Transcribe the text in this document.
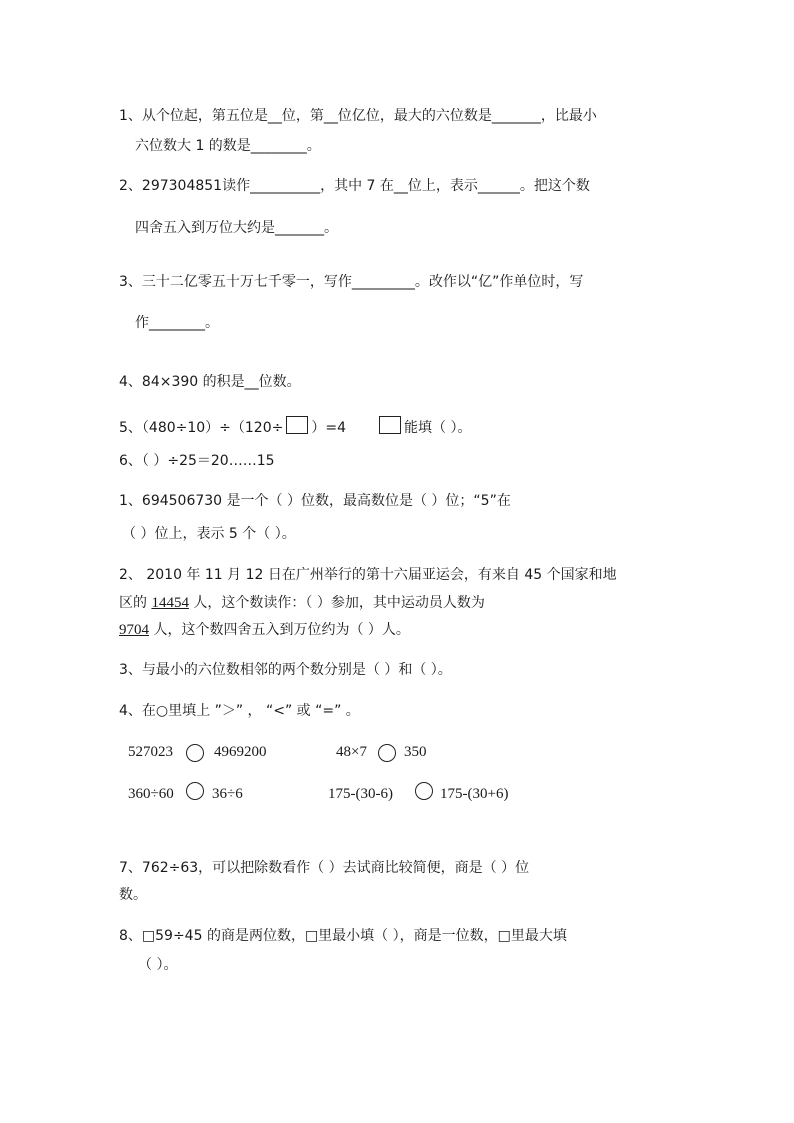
1、从个位起，第五位是__位，第__位亿位，最大的六位数是_______，比最小
六位数大 1 的数是________。
2、297304851读作__________，其中 7 在__位上，表示______。把这个数
四舍五入到万位大约是_______。
3、三十二亿零五十万七千零一，写作_________。改作以“亿”作单位时，写
作________。
4、84×390 的积是__位数。
5、（480÷10）÷（120÷ ）=4	能填（ ）。
6、（ ）÷25＝20……15
1、694506730 是一个（ ）位数，最高数位是（ ）位；“5”在
（ ）位上，表示 5 个（ ）。
2、 2010 年 11 月 12 日在广州举行的第十六届亚运会，有来自 45 个国家和地
区的 14454 人，这个数读作：（ ）参加，其中运动员人数为
9704 人，这个数四舍五入到万位约为（ ）人。
3、与最小的六位数相邻的两个数分别是（ ）和（ ）。
4、在○里填上 ”＞” ， “<” 或 “=” 。
527023	4969200	48×7 350
360÷60	36÷6	175-(30-6)	175-(30+6)
7、762÷63，可以把除数看作（ ）去试商比较简便，商是（ ）位
数。
8、□59÷45 的商是两位数，□里最小填（ ），商是一位数，□里最大填
（ ）。
